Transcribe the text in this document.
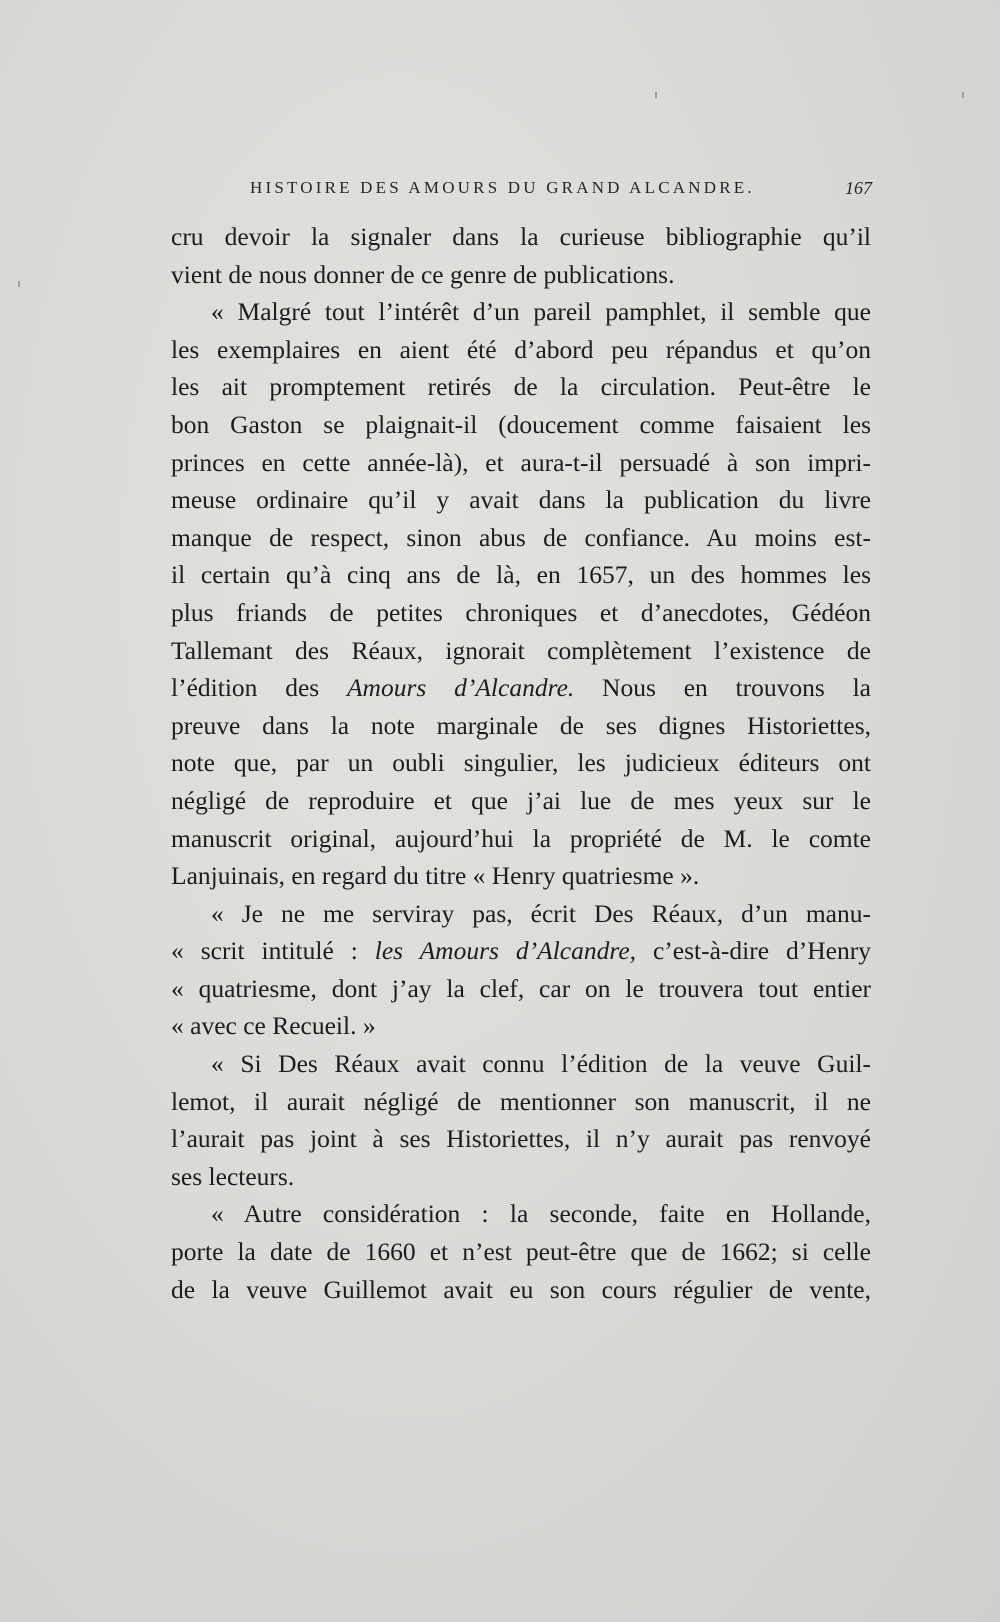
HISTOIRE DES AMOURS DU GRAND ALCANDRE.	167
cru devoir la signaler dans la curieuse bibliographie qu’il
vient de nous donner de ce genre de publications.
« Malgré tout l’intérêt d’un pareil pamphlet, il semble que
les exemplaires en aient été d’abord peu répandus et qu’on
les ait promptement retirés de la circulation. Peut-être le
bon Gaston se plaignait-il (doucement comme faisaient les
princes en cette année-là), et aura-t-il persuadé à son impri-
meuse ordinaire qu’il y avait dans la publication du livre
manque de respect, sinon abus de confiance. Au moins est-
il certain qu’à cinq ans de là, en 1657, un des hommes les
plus friands de petites chroniques et d’anecdotes, Gédéon
Tallemant des Réaux, ignorait complètement l’existence de
l’édition des Amours d’Alcandre. Nous en trouvons la
preuve dans la note marginale de ses dignes Historiettes,
note que, par un oubli singulier, les judicieux éditeurs ont
négligé de reproduire et que j’ai lue de mes yeux sur le
manuscrit original, aujourd’hui la propriété de M. le comte
Lanjuinais, en regard du titre « Henry quatriesme ».
« Je ne me serviray pas, écrit Des Réaux, d’un manu-
« scrit intitulé : les Amours d’Alcandre, c’est-à-dire d’Henry
« quatriesme, dont j’ay la clef, car on le trouvera tout entier
« avec ce Recueil. »
« Si Des Réaux avait connu l’édition de la veuve Guil-
lemot, il aurait négligé de mentionner son manuscrit, il ne
l’aurait pas joint à ses Historiettes, il n’y aurait pas renvoyé
ses lecteurs.
« Autre considération : la seconde, faite en Hollande,
porte la date de 1660 et n’est peut-être que de 1662; si celle
de la veuve Guillemot avait eu son cours régulier de vente,
